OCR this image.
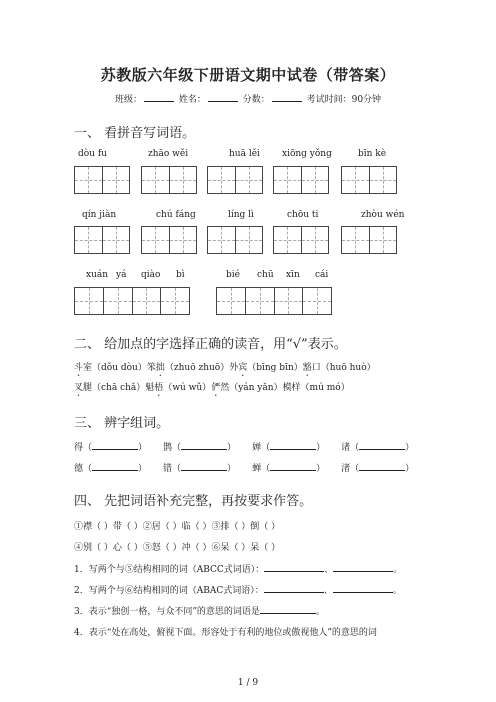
苏教版六年级下册语文期中试卷（带答案）
班级：	姓名：	分数：	考试时间：90分钟
一、 看拼音写词语。
dòu fu	zhāo wěi	huā lěi xiōng yǒng	bīn kè
qín jiàn	chú fáng	líng lì	chōu ti	zhòu wén
xuán yá qiào bì	bié chū xīn cái
二、 给加点的字选择正确的读音，用“√”表示。
斗室（dǒu dòu）笨拙（zhuō zhuō）外宾（bīng bīn）豁口（huō huò）
叉腿（chā chǎ）魁梧（wú wǔ）俨然（yán yǎn）模样（mú mó）
三、 辨字组词。
得（	） 鹊（	） 婵（	） 诸（	）
德（	） 错（	） 蝉（	） 渚（	）
四、 先把词语补充完整，再按要求作答。
①襟（ ）带（ ）②居（ ）临（ ）③排（ ）倒（ ）
④别（ ）心（ ）⑤怒（ ）冲（ ）⑥呆（ ）呆（ ）
1．写两个与⑤结构相同的词（ABCC式词语）：	、	。
2．写两个与⑥结构相同的词（ABAC式词语）：	、	。
3．表示“独创一格，与众不同”的意思的词语是	。
4．表示“处在高处，俯视下面。形容处于有利的地位或傲视他人”的意思的词
1 / 9
